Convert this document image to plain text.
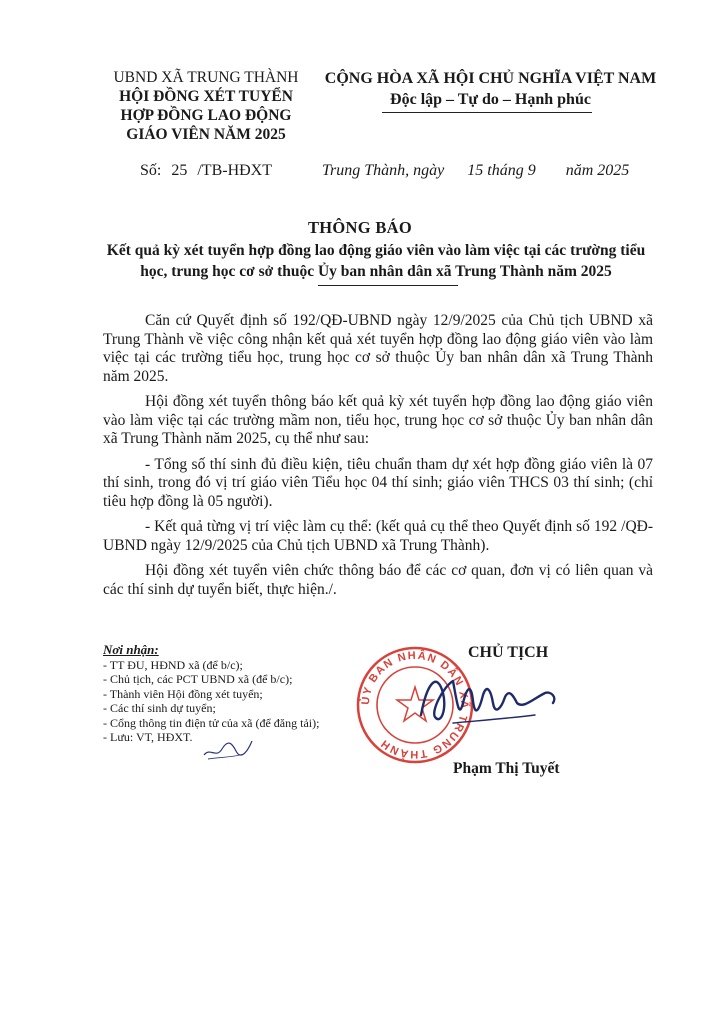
UBND XÃ TRUNG THÀNH
HỘI ĐỒNG XÉT TUYỂN
HỢP ĐỒNG LAO ĐỘNG
GIÁO VIÊN NĂM 2025
CỘNG HÒA XÃ HỘI CHỦ NGHĨA VIỆT NAM
Độc lập – Tự do – Hạnh phúc
Số: 25 /TB-HĐXT	Trung Thành, ngày 15 tháng 9 năm 2025
THÔNG BÁO
Kết quả kỳ xét tuyển hợp đồng lao động giáo viên vào làm việc tại các trường tiểu học, trung học cơ sở thuộc Ủy ban nhân dân xã Trung Thành năm 2025

Căn cứ Quyết định số 192/QĐ-UBND ngày 12/9/2025 của Chủ tịch UBND xã Trung Thành về việc công nhận kết quả xét tuyển hợp đồng lao động giáo viên vào làm việc tại các trường tiểu học, trung học cơ sở thuộc Ủy ban nhân dân xã Trung Thành năm 2025.

Hội đồng xét tuyển thông báo kết quả kỳ xét tuyển hợp đồng lao động giáo viên vào làm việc tại các trường mầm non, tiểu học, trung học cơ sở thuộc Ủy ban nhân dân xã Trung Thành năm 2025, cụ thể như sau:

- Tổng số thí sinh đủ điều kiện, tiêu chuẩn tham dự xét hợp đồng giáo viên là 07 thí sinh, trong đó vị trí giáo viên Tiểu học 04 thí sinh; giáo viên THCS 03 thí sinh; (chỉ tiêu hợp đồng là 05 người).

- Kết quả từng vị trí việc làm cụ thể: (kết quả cụ thể theo Quyết định số 192 /QĐ-UBND ngày 12/9/2025 của Chủ tịch UBND xã Trung Thành).

Hội đồng xét tuyển viên chức thông báo để các cơ quan, đơn vị có liên quan và các thí sinh dự tuyển biết, thực hiện./.

Nơi nhận:
- TT ĐU, HĐND xã (để b/c);
- Chủ tịch, các PCT UBND xã (để b/c);
- Thành viên Hội đồng xét tuyển;
- Các thí sinh dự tuyển;
- Cổng thông tin điện tử của xã (để đăng tải);
- Lưu: VT, HĐXT.
ỦY BAN NHÂN DÂN XÃ TRUNG THÀNH
CHỦ TỊCH
Phạm Thị Tuyết
